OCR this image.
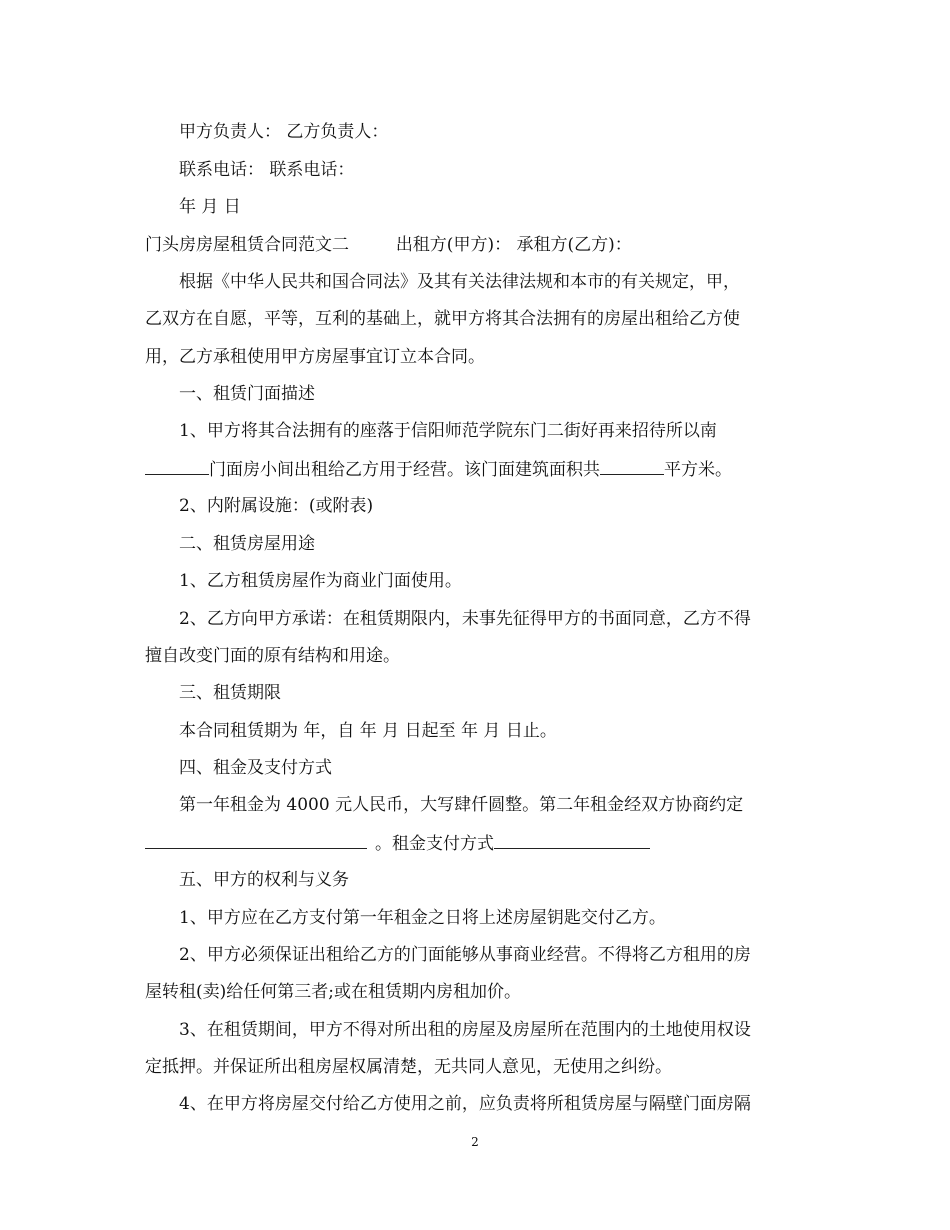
甲方负责人： 乙方负责人：
联系电话： 联系电话：
年 月 日
门头房房屋租赁合同范文二	出租方(甲方)： 承租方(乙方)：
根据《中华人民共和国合同法》及其有关法律法规和本市的有关规定，甲，
乙双方在自愿，平等，互利的基础上，就甲方将其合法拥有的房屋出租给乙方使
用，乙方承租使用甲方房屋事宜订立本合同。
一、租赁门面描述
1、甲方将其合法拥有的座落于信阳师范学院东门二街好再来招待所以南
门面房小间出租给乙方用于经营。该门面建筑面积共	平方米。
2、内附属设施：(或附表)
二、租赁房屋用途
1、乙方租赁房屋作为商业门面使用。
2、乙方向甲方承诺：在租赁期限内，未事先征得甲方的书面同意，乙方不得
擅自改变门面的原有结构和用途。
三、租赁期限
本合同租赁期为 年，自 年 月 日起至 年 月 日止。
四、租金及支付方式
第一年租金为 4000 元人民币，大写肆仟圆整。第二年租金经双方协商约定
。租金支付方式
五、甲方的权利与义务
1、甲方应在乙方支付第一年租金之日将上述房屋钥匙交付乙方。
2、甲方必须保证出租给乙方的门面能够从事商业经营。不得将乙方租用的房
屋转租(卖)给任何第三者;或在租赁期内房租加价。
3、在租赁期间，甲方不得对所出租的房屋及房屋所在范围内的土地使用权设
定抵押。并保证所出租房屋权属清楚，无共同人意见，无使用之纠纷。
4、在甲方将房屋交付给乙方使用之前，应负责将所租赁房屋与隔壁门面房隔
2
